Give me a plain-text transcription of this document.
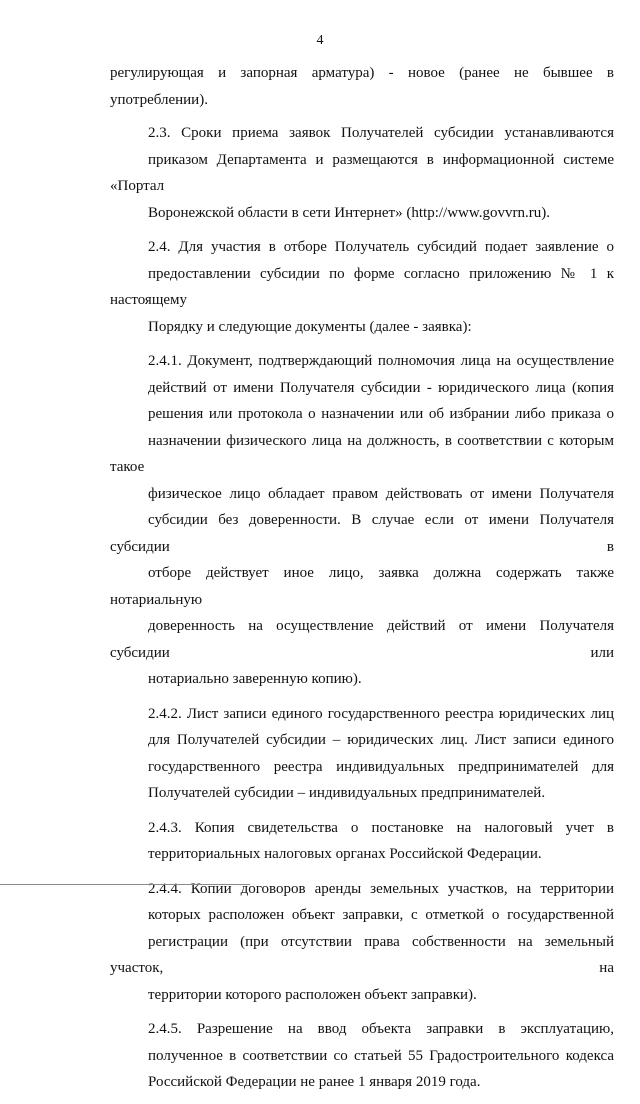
4

регулирующая и запорная арматура) - новое (ранее не бывшее в
употреблении).

2.3. Сроки приема заявок Получателей субсидии устанавливаются
приказом Департамента и размещаются в информационной системе «Портал
Воронежской области в сети Интернет» (http://www.govvrn.ru).

2.4. Для участия в отборе Получатель субсидий подает заявление о
предоставлении субсидии по форме согласно приложению № 1 к настоящему
Порядку и следующие документы (далее - заявка):

2.4.1. Документ, подтверждающий полномочия лица на осуществление
действий от имени Получателя субсидии - юридического лица (копия
решения или протокола о назначении или об избрании либо приказа о
назначении физического лица на должность, в соответствии с которым такое
физическое лицо обладает правом действовать от имени Получателя
субсидии без доверенности. В случае если от имени Получателя субсидии в
отборе действует иное лицо, заявка должна содержать также нотариальную
доверенность на осуществление действий от имени Получателя субсидии или
нотариально заверенную копию).

2.4.2. Лист записи единого государственного реестра юридических лиц
для Получателей субсидии – юридических лиц. Лист записи единого
государственного реестра индивидуальных предпринимателей для
Получателей субсидии – индивидуальных предпринимателей.

2.4.3. Копия свидетельства о постановке на налоговый учет в
территориальных налоговых органах Российской Федерации.

2.4.4. Копии договоров аренды земельных участков, на территории
которых расположен объект заправки, с отметкой о государственной
регистрации (при отсутствии права собственности на земельный участок, на
территории которого расположен объект заправки).

2.4.5. Разрешение на ввод объекта заправки в эксплуатацию,
полученное в соответствии со статьей 55 Градостроительного кодекса
Российской Федерации не ранее 1 января 2019 года.
